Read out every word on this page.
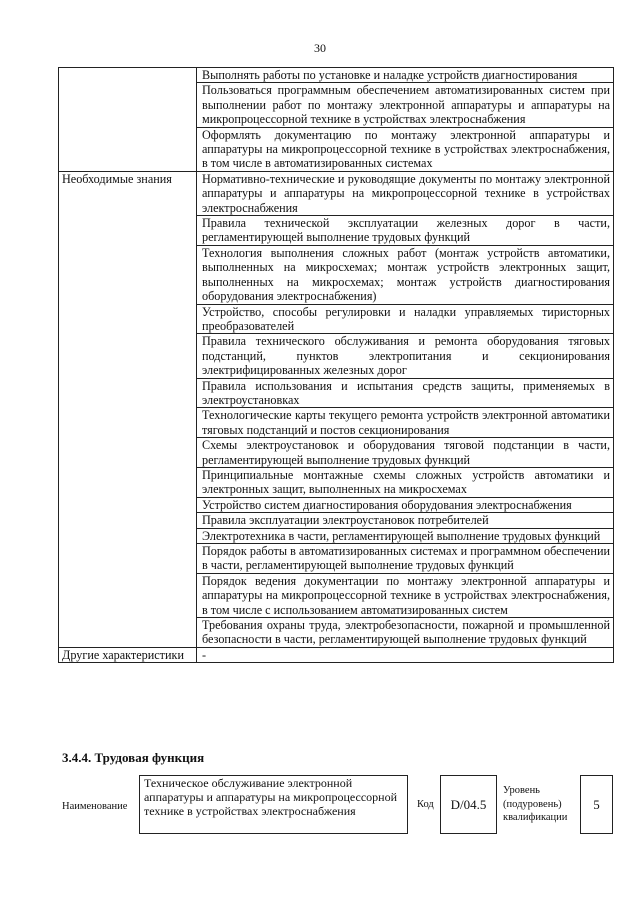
30
	Выполнять работы по установке и наладке устройств диагностирования
	Пользоваться программным обеспечением автоматизированных систем при выполнении работ по монтажу электронной аппаратуры и аппаратуры на микропроцессорной технике в устройствах электроснабжения
	Оформлять документацию по монтажу электронной аппаратуры и аппаратуры на микропроцессорной технике в устройствах электроснабжения, в том числе в автоматизированных системах
Необходимые знания	Нормативно-технические и руководящие документы по монтажу электронной аппаратуры и аппаратуры на микропроцессорной технике в устройствах электроснабжения
	Правила технической эксплуатации железных дорог в части, регламентирующей выполнение трудовых функций
	Технология выполнения сложных работ (монтаж устройств автоматики, выполненных на микросхемах; монтаж устройств электронных защит, выполненных на микросхемах; монтаж устройств диагностирования оборудования электроснабжения)
	Устройство, способы регулировки и наладки управляемых тиристорных преобразователей
	Правила технического обслуживания и ремонта оборудования тяговых подстанций, пунктов электропитания и секционирования электрифицированных железных дорог
	Правила использования и испытания средств защиты, применяемых в электроустановках
	Технологические карты текущего ремонта устройств электронной автоматики тяговых подстанций и постов секционирования
	Схемы электроустановок и оборудования тяговой подстанции в части, регламентирующей выполнение трудовых функций
	Принципиальные монтажные схемы сложных устройств автоматики и электронных защит, выполненных на микросхемах
	Устройство систем диагностирования оборудования электроснабжения
	Правила эксплуатации электроустановок потребителей
	Электротехника в части, регламентирующей выполнение трудовых функций
	Порядок работы в автоматизированных системах и программном обеспечении в части, регламентирующей выполнение трудовых функций
	Порядок ведения документации по монтажу электронной аппаратуры и аппаратуры на микропроцессорной технике в устройствах электроснабжения, в том числе с использованием автоматизированных систем
	Требования охраны труда, электробезопасности, пожарной и промышленной безопасности в части, регламентирующей выполнение трудовых функций
Другие характеристики	-
3.4.4. Трудовая функция
Наименование
Техническое обслуживание электронной аппаратуры и аппаратуры на микропроцессорной технике в устройствах электроснабжения	Код	D/04.5
Уровень (подуровень) квалификации
5
